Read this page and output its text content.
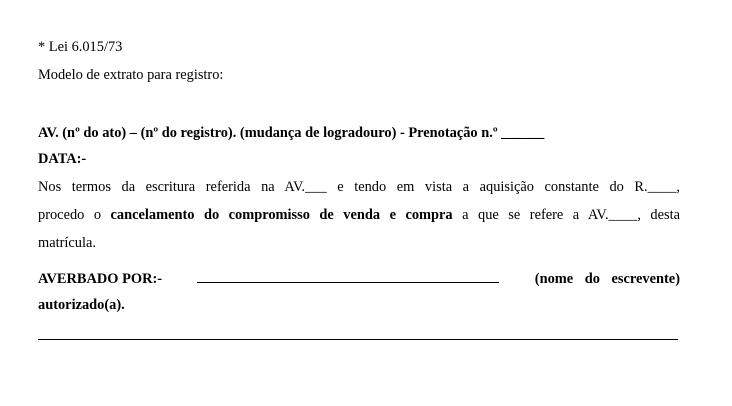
* Lei 6.015/73
Modelo de extrato para registro:
AV. (nº do ato) – (nº do registro). (mudança de logradouro) - Prenotação n.º ______
DATA:-
Nos termos da escritura referida na AV.___ e tendo em vista a aquisição constante do R.____,
procedo o cancelamento do compromisso de venda e compra a que se refere a AV.____, desta
matrícula.
AVERBADO POR:-	(nome do escrevente)
autorizado(a).
